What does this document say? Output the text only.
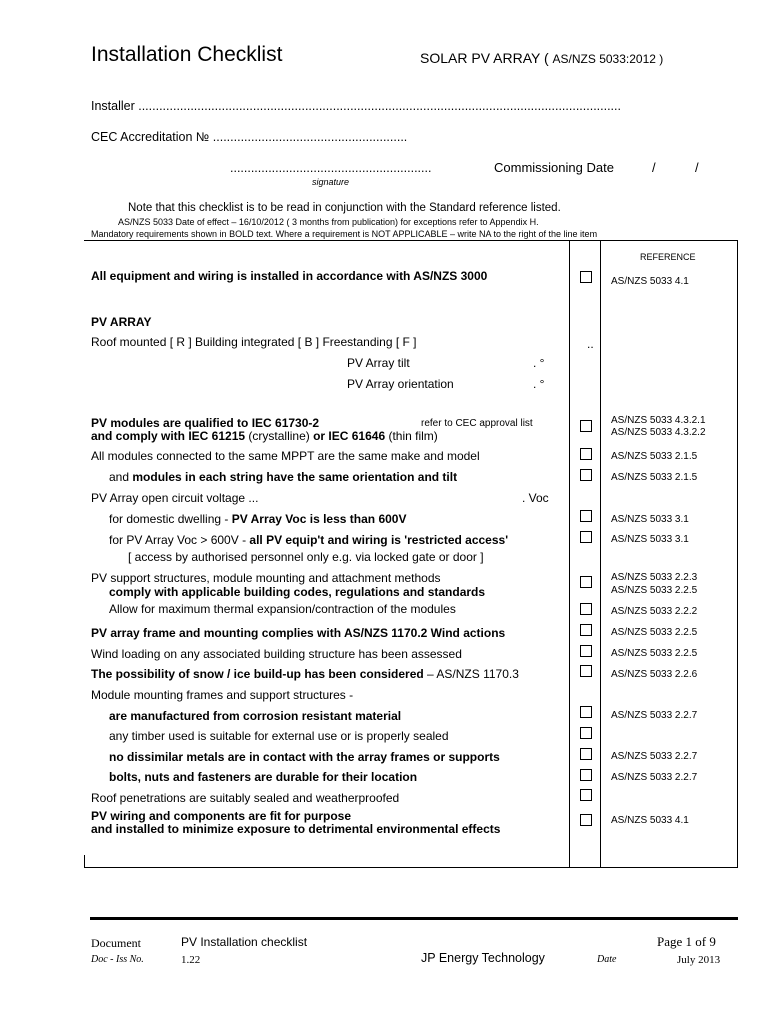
Installation Checklist	SOLAR PV ARRAY ( AS/NZS 5033:2012 )
Installer ...........................................................................................................................................
CEC Accreditation № ........................................................
..........................................................
signature
Commissioning Date	/	/
Note that this checklist is to be read in conjunction with the Standard reference listed.
AS/NZS 5033 Date of effect – 16/10/2012 ( 3 months from publication) for exceptions refer to Appendix H.
Mandatory requirements shown in BOLD text. Where a requirement is NOT APPLICABLE – write NA to the right of the line item
REFERENCE
All equipment and wiring is installed in accordance with AS/NZS 3000	AS/NZS 5033 4.1
PV ARRAY
Roof mounted [ R ] Building integrated [ B ] Freestanding [ F ]	..
PV Array tilt	. °
PV Array orientation	. °
PV modules are qualified to IEC 61730-2	refer to CEC approval list	AS/NZS 5033 4.3.2.1
and comply with IEC 61215 (crystalline) or IEC 61646 (thin film)	AS/NZS 5033 4.3.2.2
All modules connected to the same MPPT are the same make and model	AS/NZS 5033 2.1.5
and modules in each string have the same orientation and tilt	AS/NZS 5033 2.1.5
PV Array open circuit voltage ...	. Voc
for domestic dwelling - PV Array Voc is less than 600V	AS/NZS 5033 3.1
for PV Array Voc > 600V - all PV equip't and wiring is 'restricted access'	AS/NZS 5033 3.1
[ access by authorised personnel only e.g. via locked gate or door ]
PV support structures, module mounting and attachment methods	AS/NZS 5033 2.2.3
comply with applicable building codes, regulations and standards	AS/NZS 5033 2.2.5
Allow for maximum thermal expansion/contraction of the modules	AS/NZS 5033 2.2.2
PV array frame and mounting complies with AS/NZS 1170.2 Wind actions	AS/NZS 5033 2.2.5
Wind loading on any associated building structure has been assessed	AS/NZS 5033 2.2.5
The possibility of snow / ice build-up has been considered – AS/NZS 1170.3	AS/NZS 5033 2.2.6
Module mounting frames and support structures -
are manufactured from corrosion resistant material	AS/NZS 5033 2.2.7
any timber used is suitable for external use or is properly sealed
no dissimilar metals are in contact with the array frames or supports	AS/NZS 5033 2.2.7
bolts, nuts and fasteners are durable for their location	AS/NZS 5033 2.2.7
Roof penetrations are suitably sealed and weatherproofed
PV wiring and components are fit for purpose	AS/NZS 5033 4.1
and installed to minimize exposure to detrimental environmental effects
Document	PV Installation checklist	Page 1 of 9
Doc - Iss No.	1.22	JP Energy Technology	Date	July 2013
